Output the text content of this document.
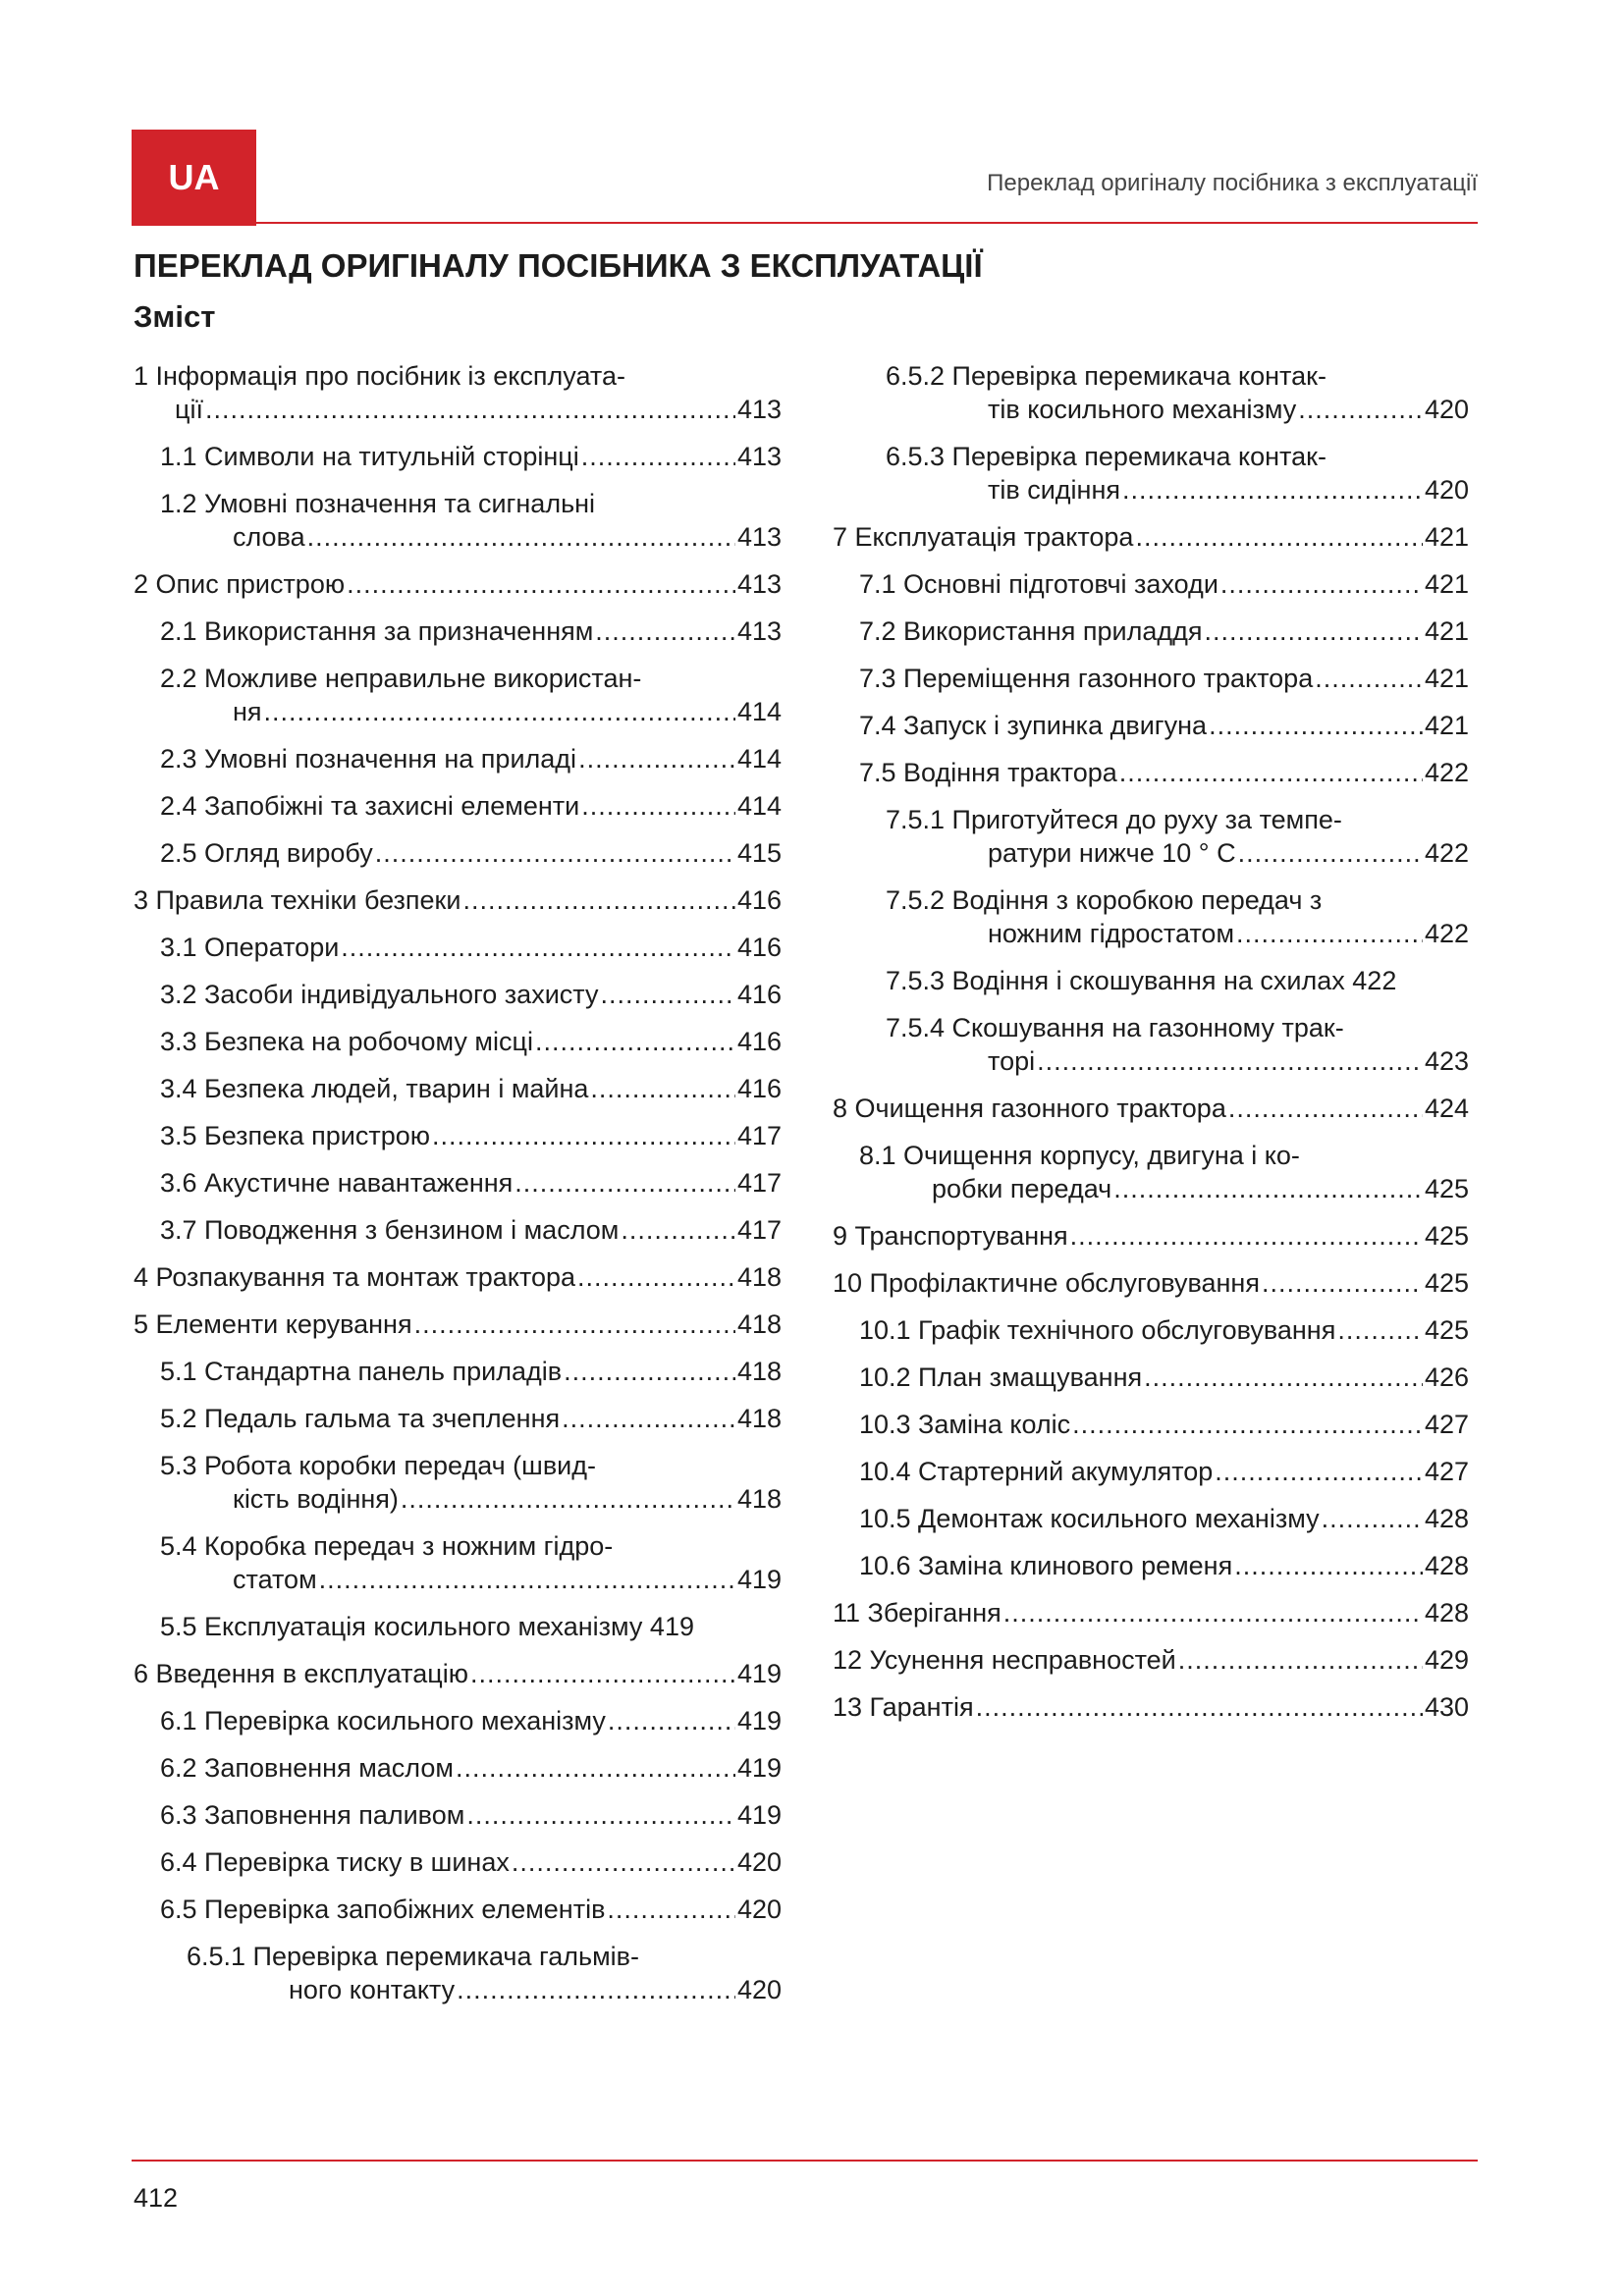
UA	Переклад оригіналу посібника з експлуатації
ПЕРЕКЛАД ОРИГІНАЛУ ПОСІБНИКА З ЕКСПЛУАТАЦІЇ
Зміст
1 Інформація про посібник із експлуата-
ції .....	413
1.1 Символи на титульній сторінці .....	413
1.2 Умовні позначення та сигнальні
слова .....	413
2 Опис пристрою .....	413
2.1 Використання за призначенням .....	413
2.2 Можливе неправильне використан-
ня .....	414
2.3 Умовні позначення на приладі .....	414
2.4 Запобіжні та захисні елементи .....	414
2.5 Огляд виробу .....	415
3 Правила техніки безпеки .....	416
3.1 Оператори .....	416
3.2 Засоби індивідуального захисту .....	416
3.3 Безпека на робочому місці .....	416
3.4 Безпека людей, тварин і майна .....	416
3.5 Безпека пристрою .....	417
3.6 Акустичне навантаження .....	417
3.7 Поводження з бензином і маслом .....	417
4 Розпакування та монтаж трактора .....	418
5 Елементи керування .....	418
5.1 Стандартна панель приладів .....	418
5.2 Педаль гальма та зчеплення .....	418
5.3 Робота коробки передач (швид-
кість водіння) .....	418
5.4 Коробка передач з ножним гідро-
статом .....	419
5.5 Експлуатація косильного механізму
419
6 Введення в експлуатацію .....	419
6.1 Перевірка косильного механізму .....	419
6.2 Заповнення маслом .....	419
6.3 Заповнення паливом .....	419
6.4 Перевірка тиску в шинах .....	420
6.5 Перевірка запобіжних елементів .....	420
6.5.1 Перевірка перемикача гальмів-
ного контакту .....	420
6.5.2 Перевірка перемикача контак-
тів косильного механізму .....	420
6.5.3 Перевірка перемикача контак-
тів сидіння .....	420
7 Експлуатація трактора .....	421
7.1 Основні підготовчі заходи .....	421
7.2 Використання приладдя .....	421
7.3 Переміщення газонного трактора .....	421
7.4 Запуск і зупинка двигуна .....	421
7.5 Водіння трактора .....	422
7.5.1 Приготуйтеся до руху за темпе-
ратури нижче 10 ° C .....	422
7.5.2 Водіння з коробкою передач з
ножним гідростатом .....	422
7.5.3 Водіння і скошування на схилах
422
7.5.4 Скошування на газонному трак-
торі .....	423
8 Очищення газонного трактора .....	424
8.1 Очищення корпусу, двигуна і ко-
робки передач .....	425
9 Транспортування .....	425
10 Профілактичне обслуговування .....	425
10.1 Графік технічного обслуговування .....	425
10.2 План змащування .....	426
10.3 Заміна коліс .....	427
10.4 Стартерний акумулятор .....	427
10.5 Демонтаж косильного механізму .....	428
10.6 Заміна клинового ременя .....	428
11 Зберігання .....	428
12 Усунення несправностей .....	429
13 Гарантія .....	430
412
